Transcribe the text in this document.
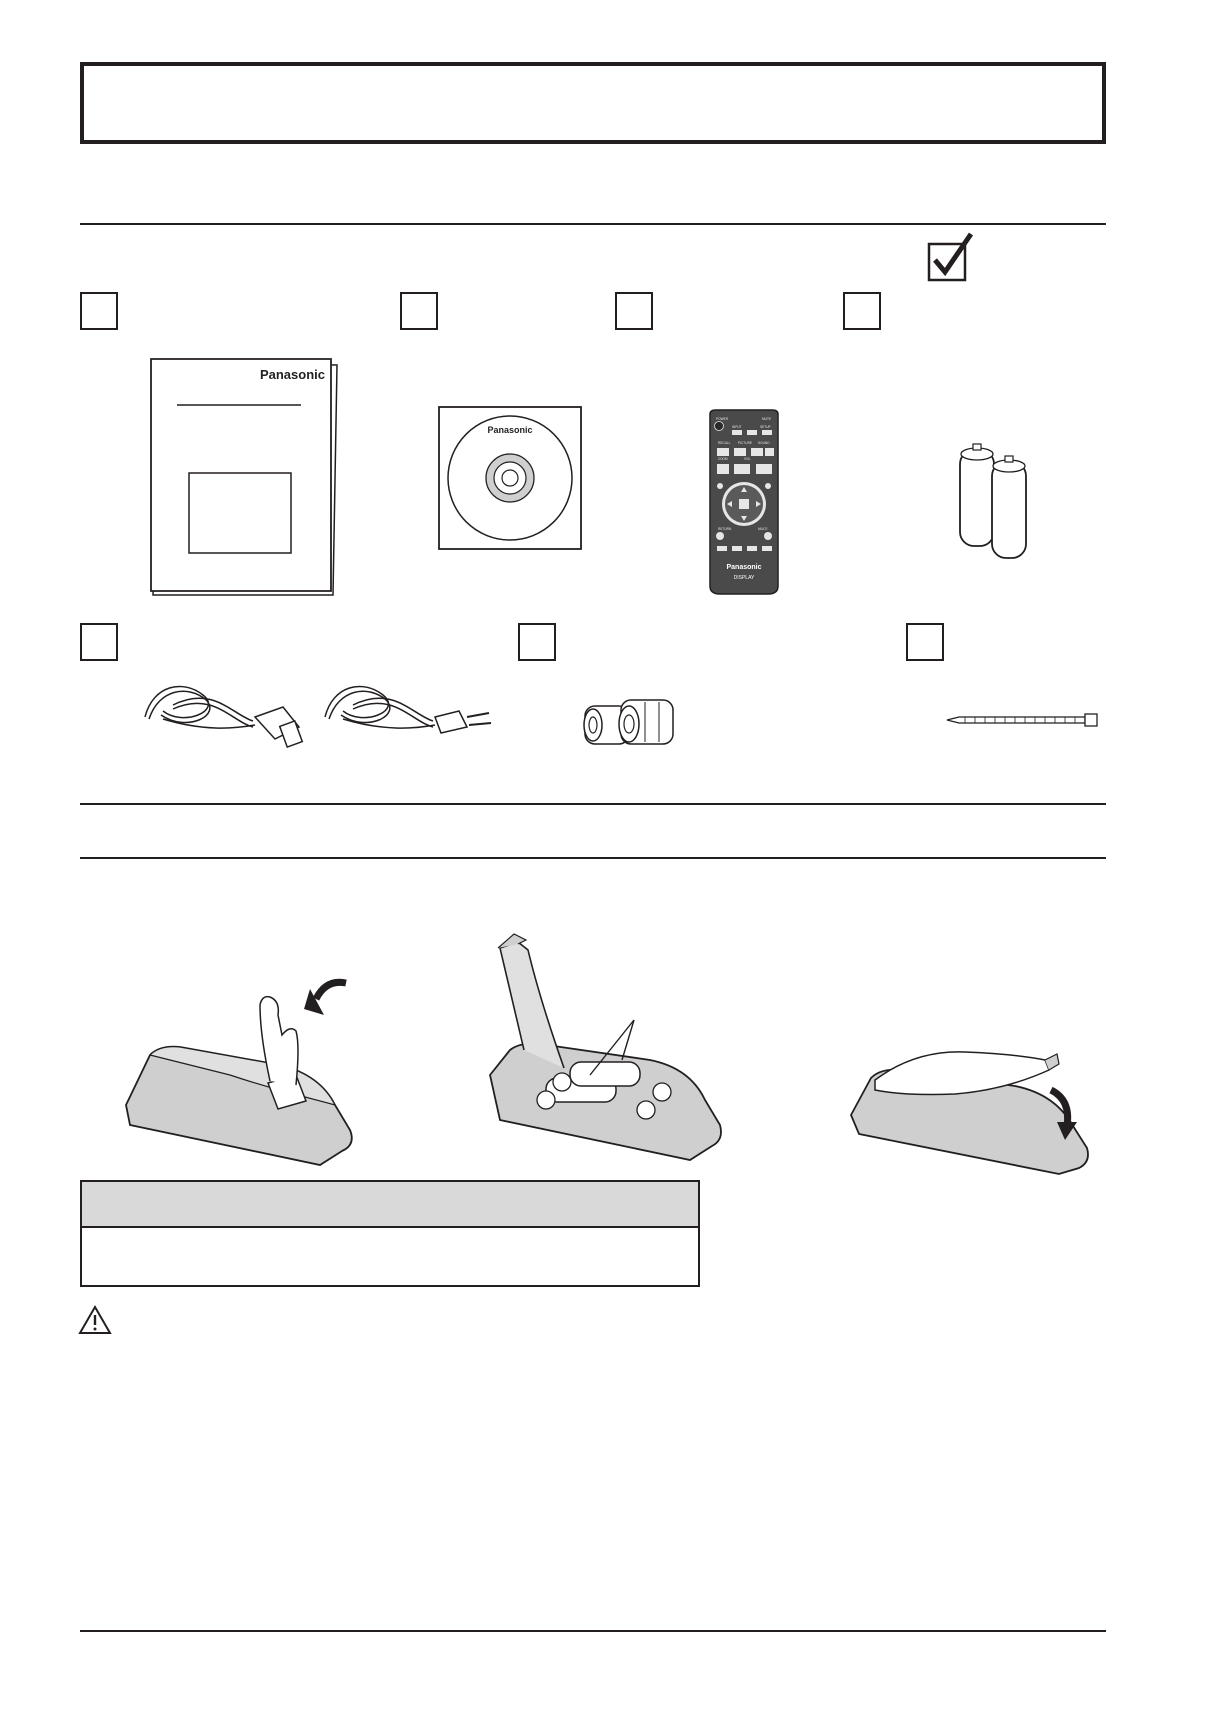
Panasonic
Panasonic
POWER	MUTE
INPUT	SETUP
RECALL PICTURE SOUND
ZOOM	VOL
RETURN	MULTI
Panasonic
DISPLAY
